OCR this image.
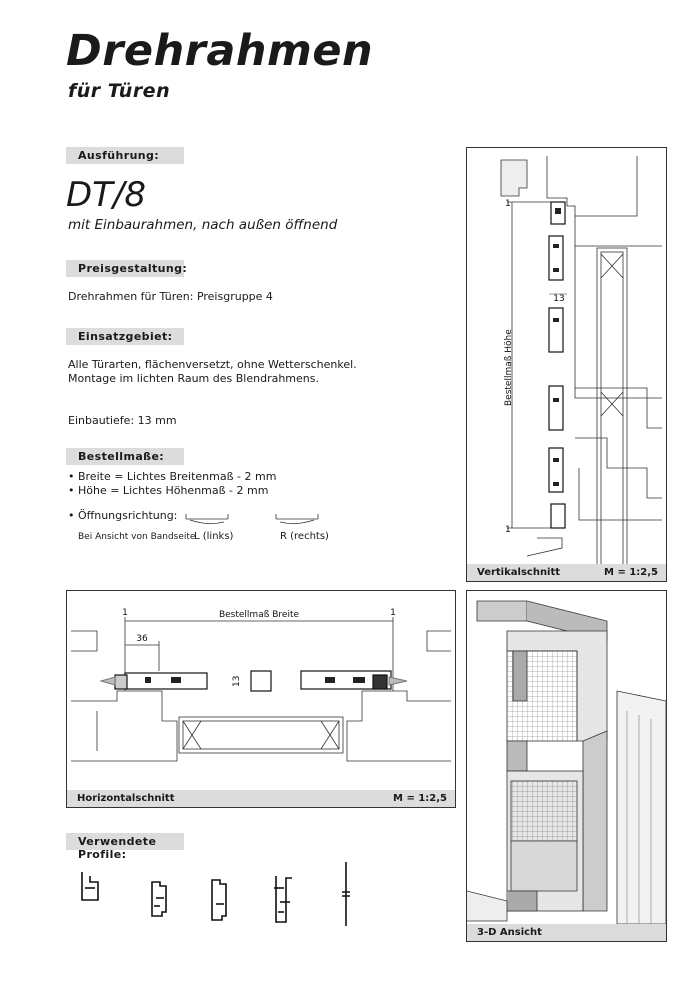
Drehrahmen
für Türen
Ausführung:
DT/8
mit Einbaurahmen, nach außen öffnend
Preisgestaltung:
Drehrahmen für Türen: Preisgruppe 4
Einsatzgebiet:
Alle Türarten, flächenversetzt, ohne Wetterschenkel.
Montage im lichten Raum des Blendrahmens.
Einbautiefe: 13 mm
Bestellmaße:
• Breite = Lichtes Breitenmaß - 2 mm
• Höhe = Lichtes Höhenmaß - 2 mm
• Öffnungsrichtung:
Bei Ansicht von Bandseite
L (links)	R (rechts)
Verwendete Profile:
13
1
1
Bestellmaß Höhe
Vertikalschnitt	M = 1:2,5
Bestellmaß Breite
36
1	1
13
Horizontalschnitt	M = 1:2,5
3-D Ansicht
